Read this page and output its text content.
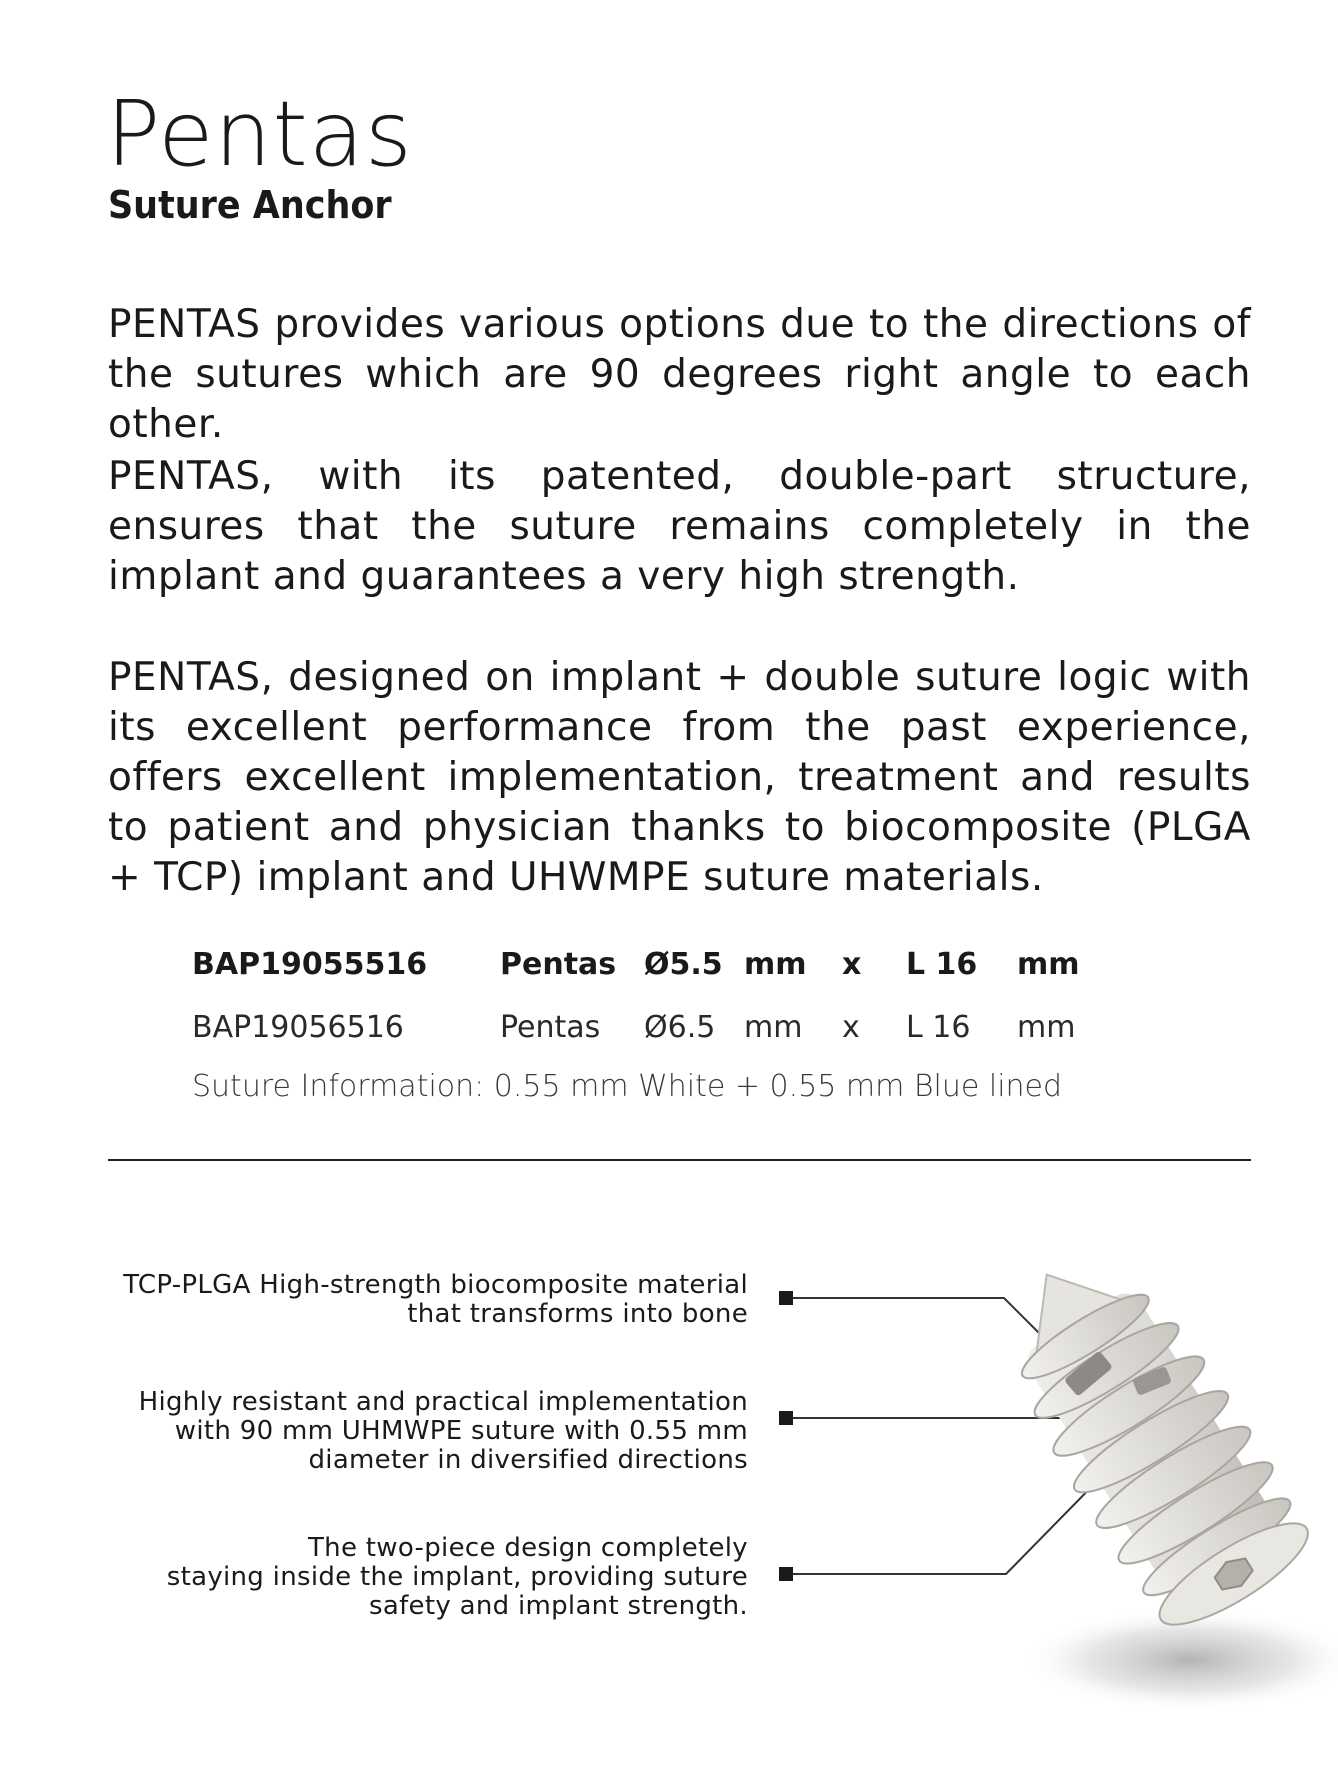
Pentas
Suture Anchor

PENTAS provides various options due to the directions of the sutures which are 90 degrees right angle to each other.

PENTAS, with its patented, double-part structure, ensures that the suture remains completely in the implant and guarantees a very high strength.

PENTAS, designed on implant + double suture logic with its excellent performance from the past experience, offers excellent implementation, treatment and results to patient and physician thanks to biocomposite (PLGA + TCP) implant and UHWMPE suture materials.

BAP19055516 Pentas Ø5.5 mm x L 16 mm
BAP19056516	Pentas Ø6.5 mm x L 16 mm
Suture Information: 0.55 mm White + 0.55 mm Blue lined
TCP-PLGA High-strength biocomposite material
that transforms into bone
Highly resistant and practical implementation
with 90 mm UHMWPE suture with 0.55 mm
diameter in diversified directions
The two-piece design completely
staying inside the implant, providing suture
safety and implant strength.
